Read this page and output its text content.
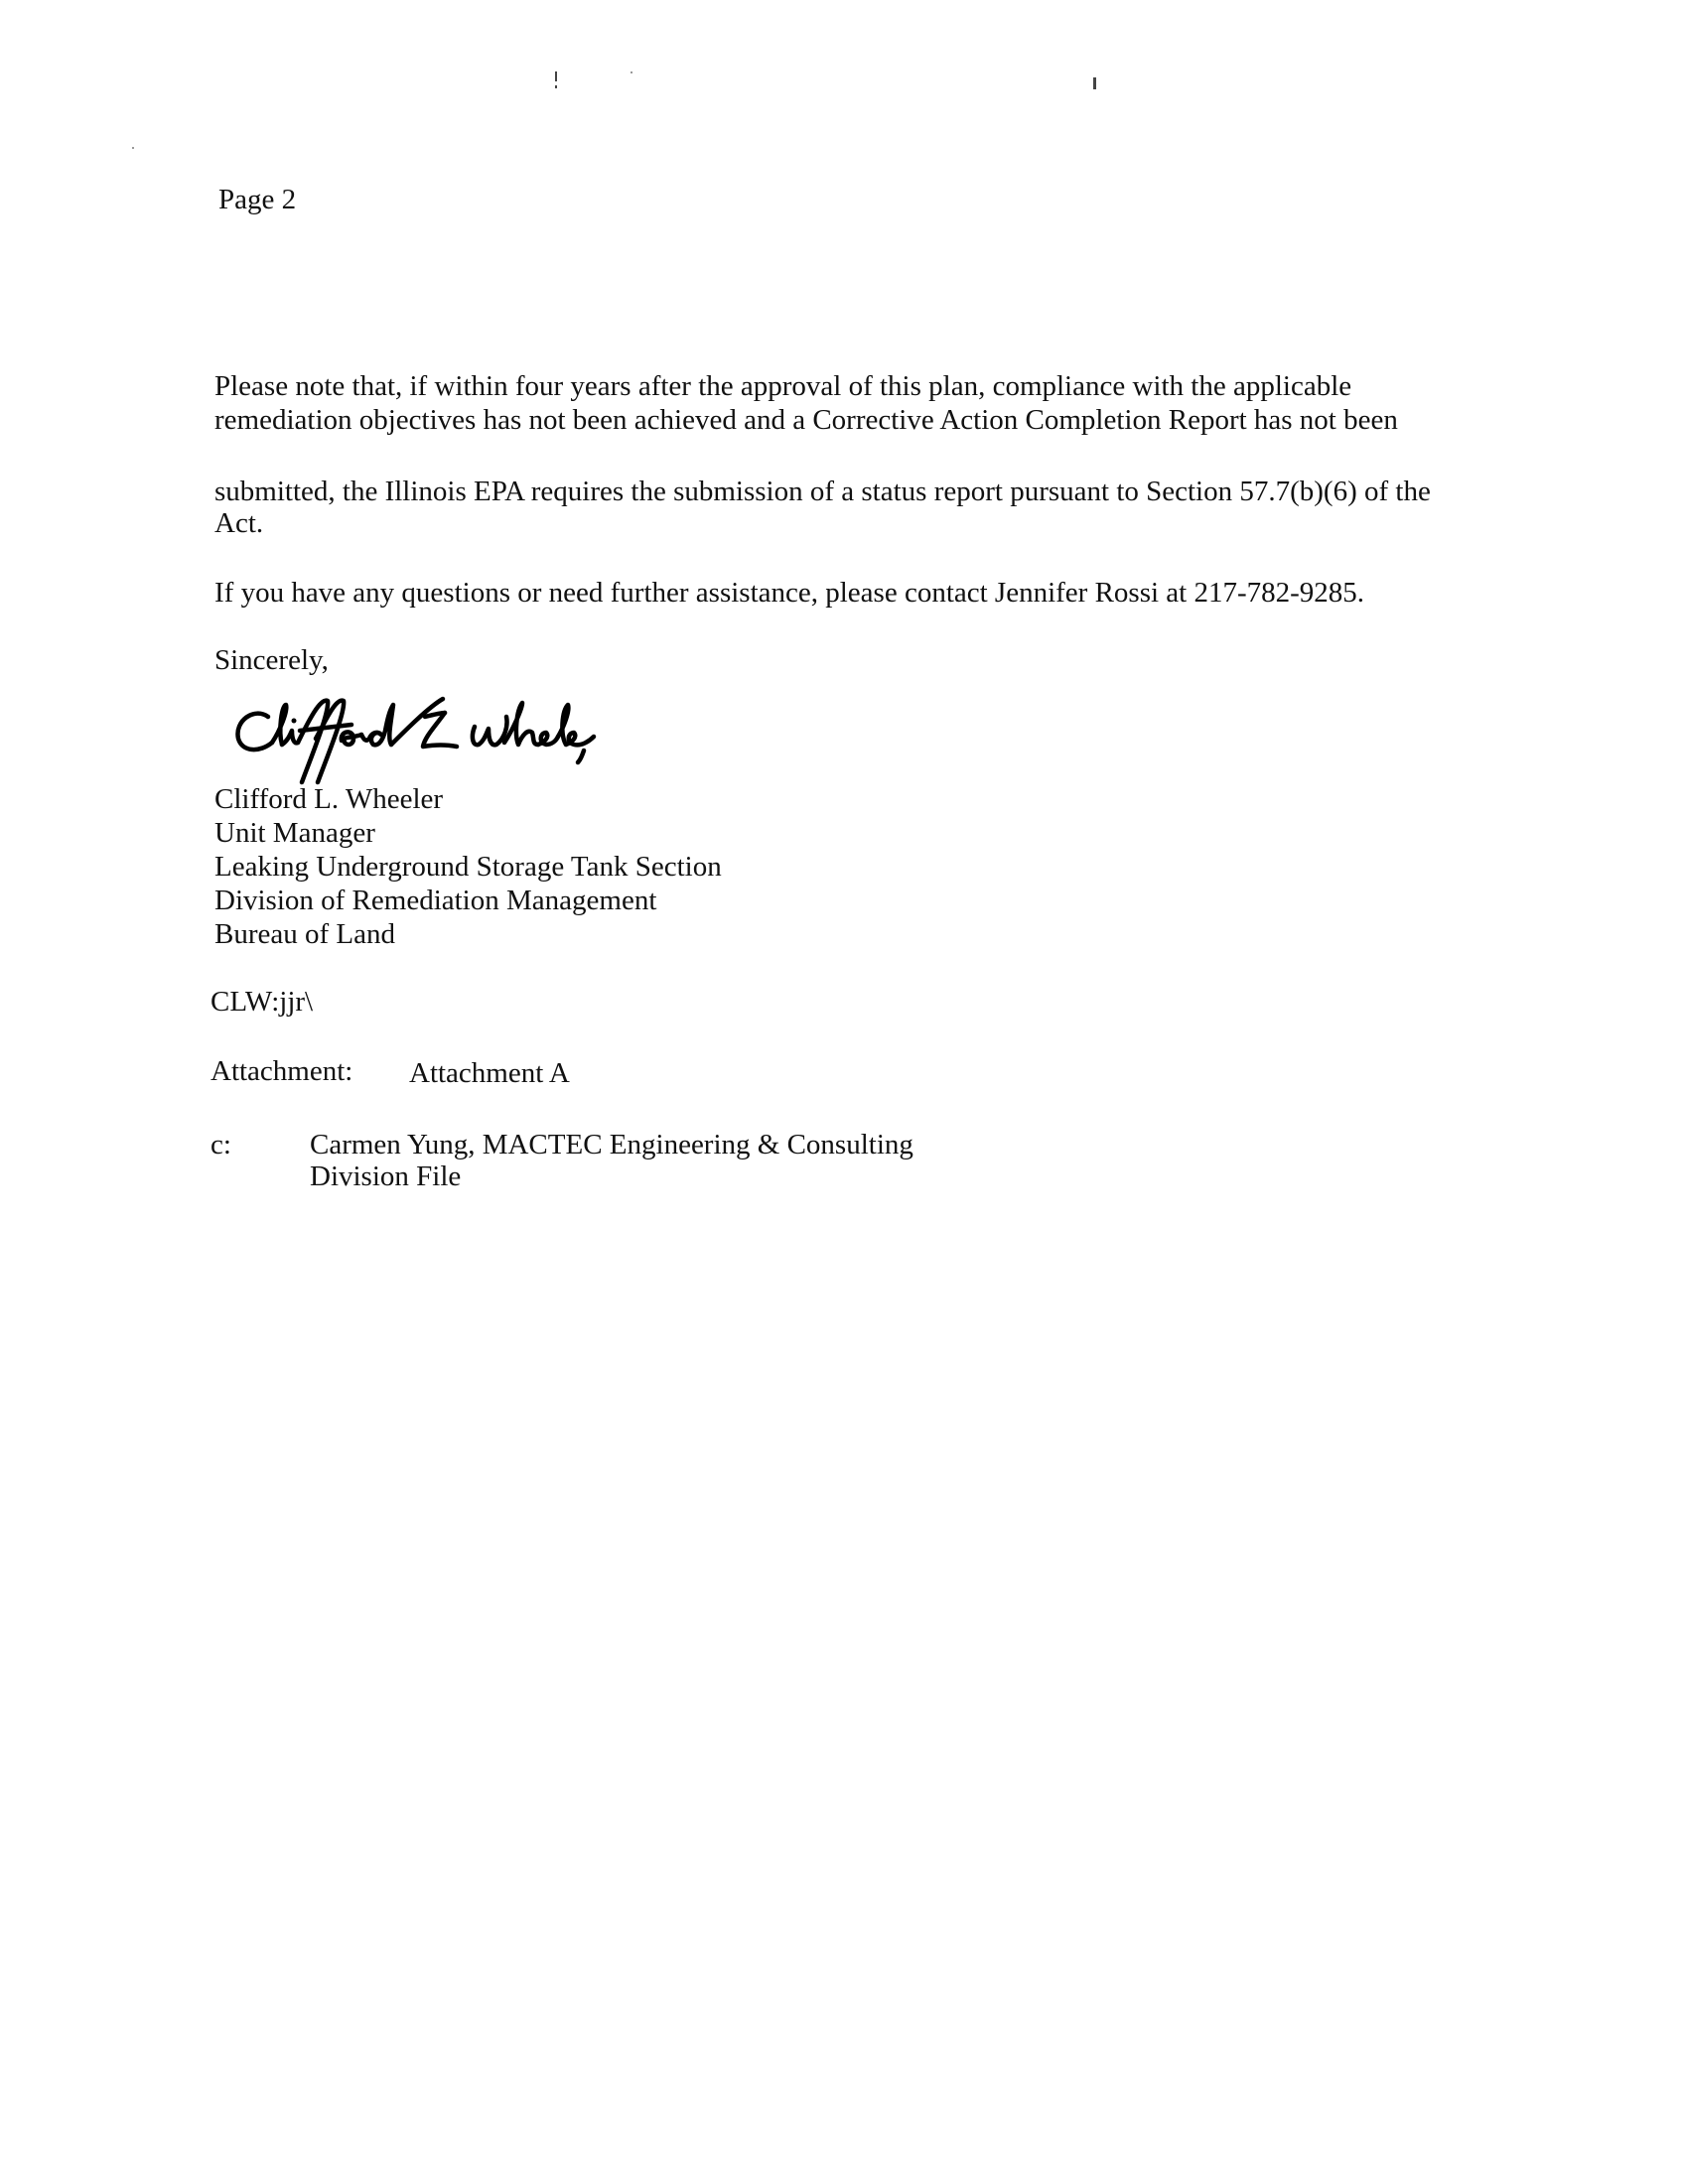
Page 2
Please note that, if within four years after the approval of this plan, compliance with the applicable
remediation objectives has not been achieved and a Corrective Action Completion Report has not been
submitted, the Illinois EPA requires the submission of a status report pursuant to Section 57.7(b)(6) of the
Act.
If you have any questions or need further assistance, please contact Jennifer Rossi at 217-782-9285.
Sincerely,
Clifford L. Wheeler
Unit Manager
Leaking Underground Storage Tank Section
Division of Remediation Management
Bureau of Land
CLW:jjr\
Attachment: Attachment A
c:	Carmen Yung, MACTEC Engineering & Consulting
Division File
